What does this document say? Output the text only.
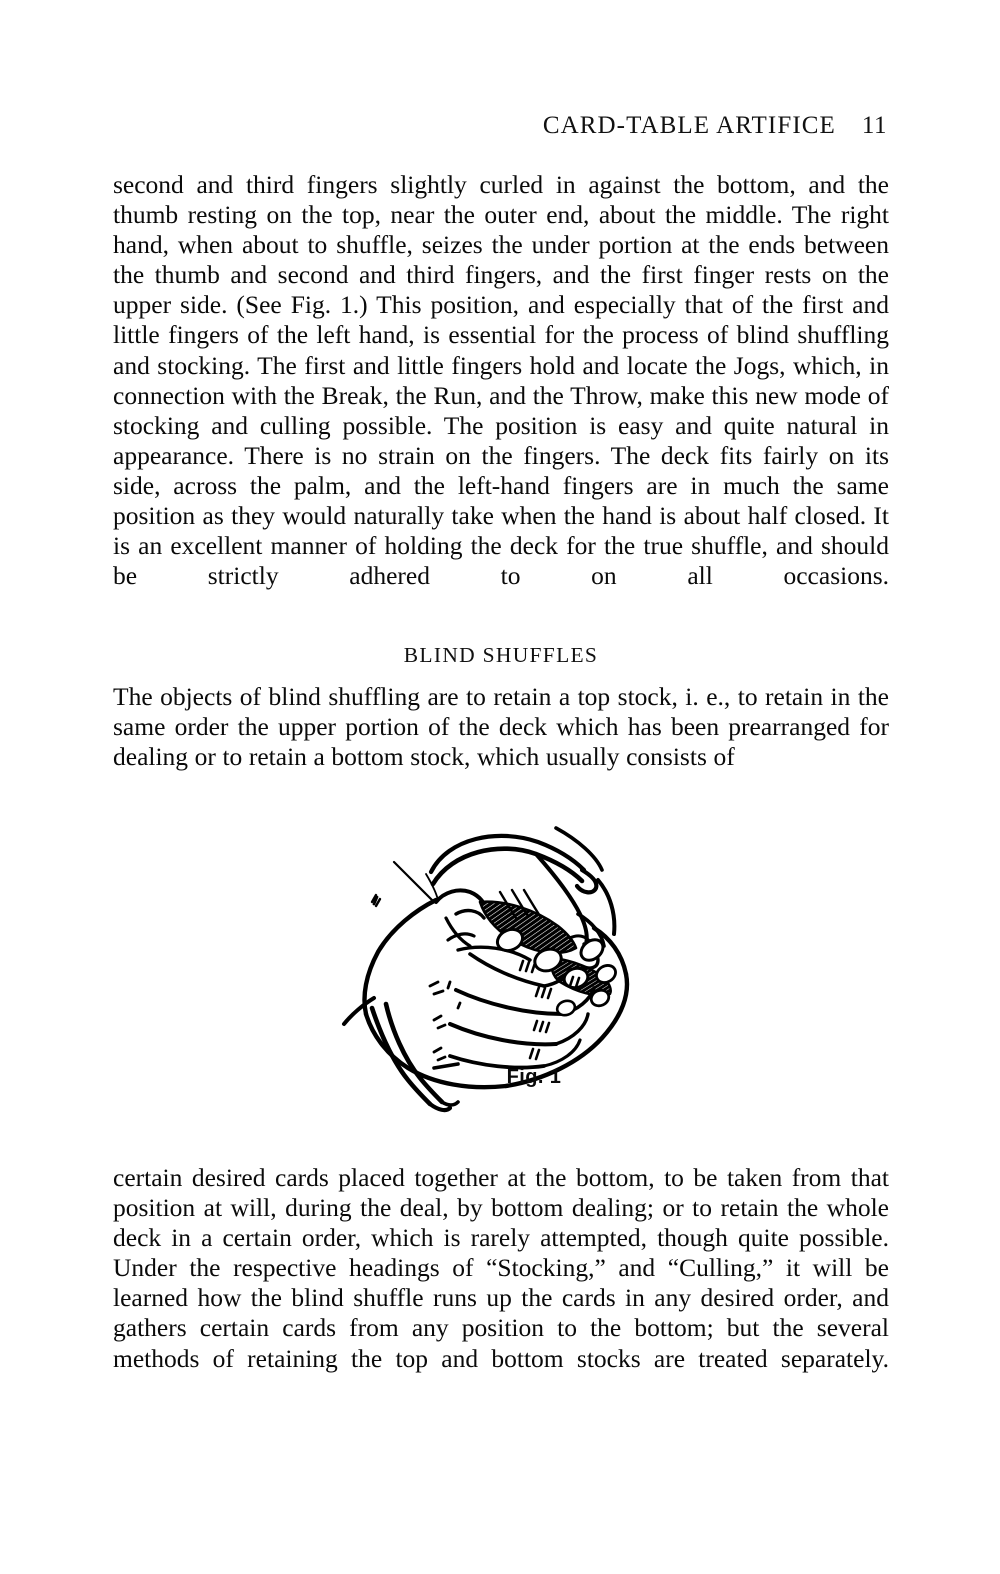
CARD-TABLE ARTIFICE 11

second and third fingers slightly curled in against the bottom, and the thumb resting on the top, near the outer end, about the middle. The right hand, when about to shuffle, seizes the under portion at the ends between the thumb and second and third fingers, and the first finger rests on the upper side. (See Fig. 1.) This position, and especially that of the first and little fingers of the left hand, is essential for the process of blind shuffling and stocking. The first and little fingers hold and locate the Jogs, which, in connection with the Break, the Run, and the Throw, make this new mode of stocking and culling possible. The position is easy and quite natural in appearance. There is no strain on the fingers. The deck fits fairly on its side, across the palm, and the left-hand fingers are in much the same position as they would naturally take when the hand is about half closed. It is an excellent manner of holding the deck for the true shuffle, and should be strictly adhered to on all occasions.

BLIND SHUFFLES

The objects of blind shuffling are to retain a top stock, i. e., to retain in the same order the upper portion of the deck which has been prearranged for dealing or to retain a bottom stock, which usually consists of

Fig. 1

certain desired cards placed together at the bottom, to be taken from that position at will, during the deal, by bottom dealing; or to retain the whole deck in a certain order, which is rarely attempted, though quite possible. Under the respective headings of “Stocking,” and “Culling,” it will be learned how the blind shuffle runs up the cards in any desired order, and gathers certain cards from any position to the bottom; but the several methods of retaining the top and bottom stocks are treated separately.
